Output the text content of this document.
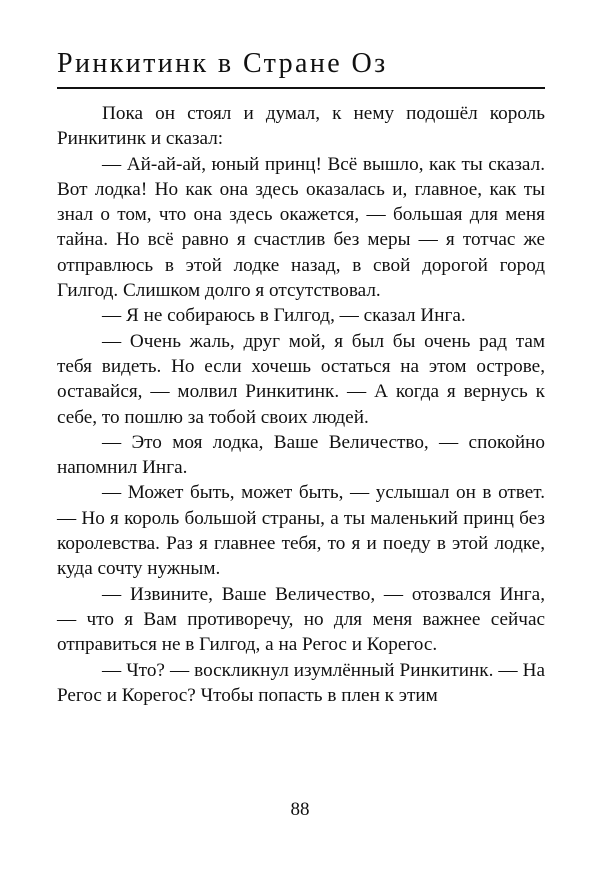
Ринкитинк в Стране Оз

Пока он стоял и думал, к нему подошёл король Ринкитинк и сказал:

— Ай-ай-ай, юный принц! Всё вышло, как ты сказал. Вот лодка! Но как она здесь оказалась и, главное, как ты знал о том, что она здесь окажется, — большая для меня тайна. Но всё равно я счастлив без меры — я тотчас же отправлюсь в этой лодке назад, в свой дорогой город Гилгод. Слишком долго я отсутствовал.

— Я не собираюсь в Гилгод, — сказал Инга.

— Очень жаль, друг мой, я был бы очень рад там тебя видеть. Но если хочешь остаться на этом острове, оставайся, — молвил Ринкитинк. — А когда я вернусь к себе, то пошлю за тобой своих людей.

— Это моя лодка, Ваше Величество, — спокойно напомнил Инга.

— Может быть, может быть, — услышал он в ответ. — Но я король большой страны, а ты маленький принц без королевства. Раз я главнее тебя, то я и поеду в этой лодке, куда сочту нужным.

— Извините, Ваше Величество, — отозвался Инга, — что я Вам противоречу, но для меня важнее сейчас отправиться не в Гилгод, а на Регос и Корегос.

— Что? — воскликнул изумлённый Ринкитинк. — На Регос и Корегос? Чтобы попасть в плен к этим

88
